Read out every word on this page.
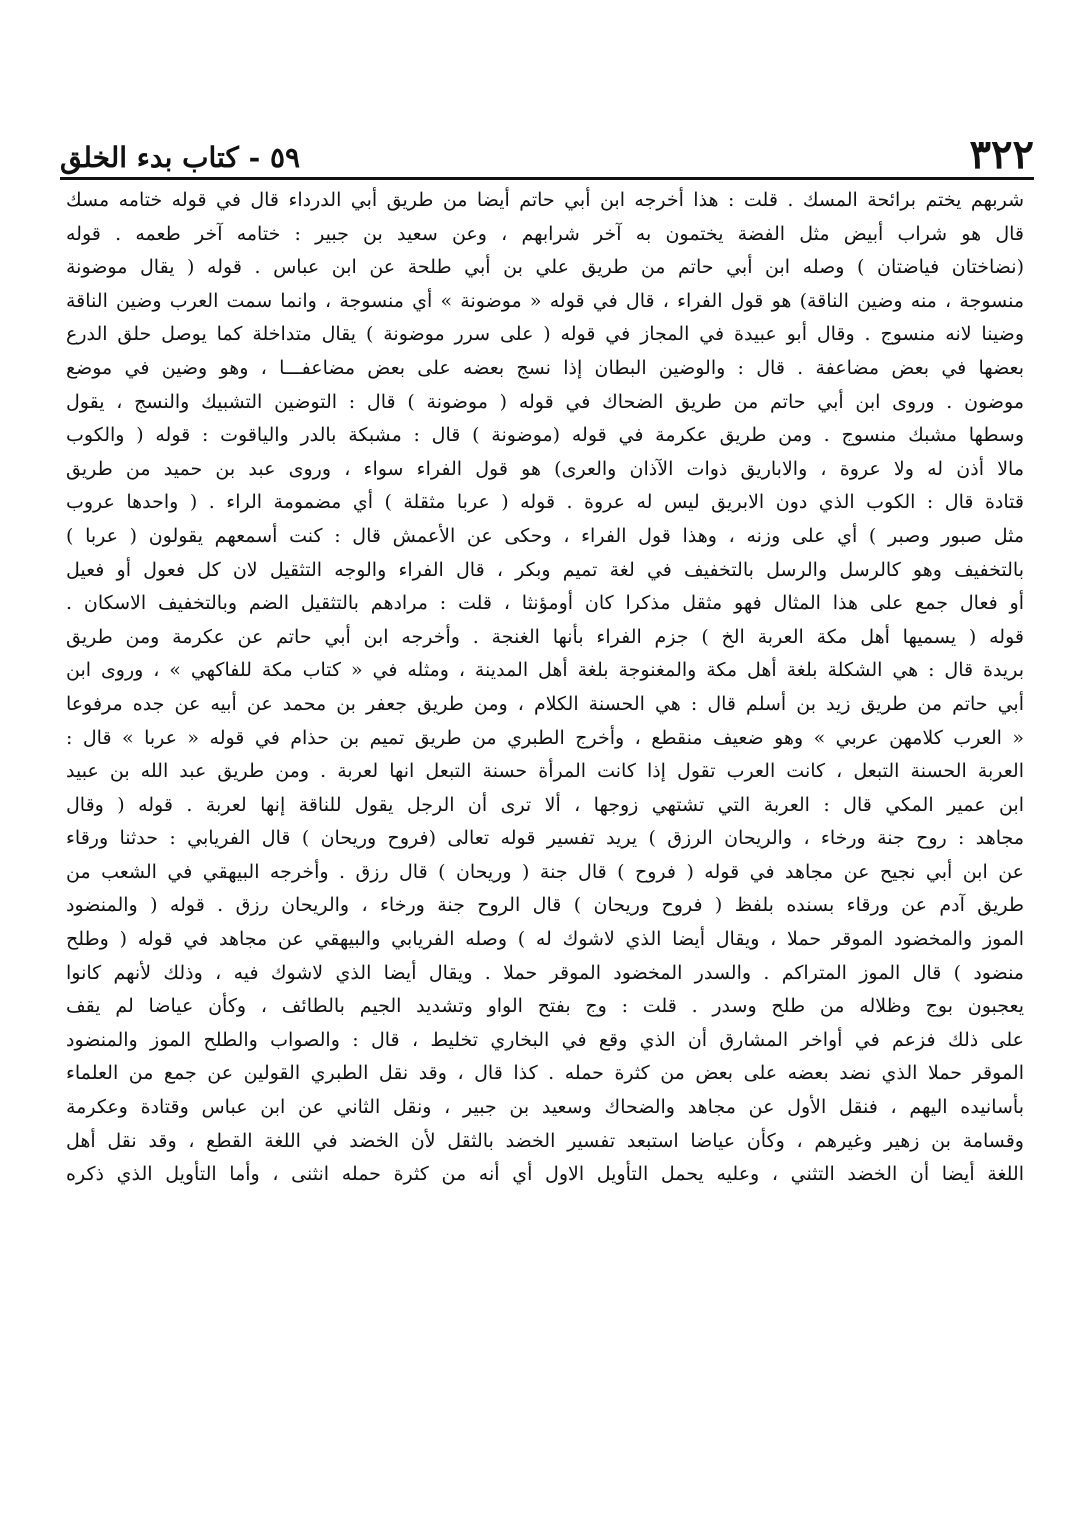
٥٩ - كتاب بدء الخلق	٣٢٢
شربهم يختم برائحة المسك . قلت : هذا أخرجه ابن أبي حاتم أيضا من طريق أبي الدرداء قال في قوله ختامه مسك
قال هو شراب أبيض مثل الفضة يختمون به آخر شرابهم ، وعن سعيد بن جبير : ختامه آخر طعمه . قوله
(نضاختان فياضتان ) وصله ابن أبي حاتم من طريق علي بن أبي طلحة عن ابن عباس . قوله ( يقال موضونة
منسوجة ، منه وضين الناقة) هو قول الفراء ، قال في قوله « موضونة » أي منسوجة ، وانما سمت العرب وضين الناقة
وضينا لانه منسوج . وقال أبو عبيدة في المجاز في قوله ( على سرر موضونة ) يقال متداخلة كما يوصل حلق الدرع
بعضها في بعض مضاعفة . قال : والوضين البطان إذا نسج بعضه على بعض مضاعفـــا ، وهو وضين في موضع
موضون . وروى ابن أبي حاتم من طريق الضحاك في قوله ( موضونة ) قال : التوضين التشبيك والنسج ، يقول
وسطها مشبك منسوج . ومن طريق عكرمة في قوله (موضونة ) قال : مشبكة بالدر والياقوت : قوله ( والكوب
مالا أذن له ولا عروة ، والاباريق ذوات الآذان والعرى) هو قول الفراء سواء ، وروى عبد بن حميد من طريق
قتادة قال : الكوب الذي دون الابريق ليس له عروة . قوله ( عربا مثقلة ) أي مضمومة الراء . ( واحدها عروب
مثل صبور وصبر ) أي على وزنه ، وهذا قول الفراء ، وحكى عن الأعمش قال : كنت أسمعهم يقولون ( عربا )
بالتخفيف وهو كالرسل والرسل بالتخفيف في لغة تميم وبكر ، قال الفراء والوجه التثقيل لان كل فعول أو فعيل
أو فعال جمع على هذا المثال فهو مثقل مذكرا كان أومؤنثا ، قلت : مرادهم بالتثقيل الضم وبالتخفيف الاسكان .
قوله ( يسميها أهل مكة العربة الخ ) جزم الفراء بأنها الغنجة . وأخرجه ابن أبي حاتم عن عكرمة ومن طريق
بريدة قال : هي الشكلة بلغة أهل مكة والمغنوجة بلغة أهل المدينة ، ومثله في « كتاب مكة للفاكهي » ، وروى ابن
أبي حاتم من طريق زيد بن أسلم قال : هي الحسنة الكلام ، ومن طريق جعفر بن محمد عن أبيه عن جده مرفوعا
« العرب كلامهن عربي » وهو ضعيف منقطع ، وأخرج الطبري من طريق تميم بن حذام في قوله « عربا » قال :
العربة الحسنة التبعل ، كانت العرب تقول إذا كانت المرأة حسنة التبعل انها لعربة . ومن طريق عبد الله بن عبيد
ابن عمير المكي قال : العربة التي تشتهي زوجها ، ألا ترى أن الرجل يقول للناقة إنها لعربة . قوله ( وقال
مجاهد : روح جنة ورخاء ، والريحان الرزق ) يريد تفسير قوله تعالى (فروح وريحان ) قال الفريابي : حدثنا ورقاء
عن ابن أبي نجيح عن مجاهد في قوله ( فروح ) قال جنة ( وريحان ) قال رزق . وأخرجه البيهقي في الشعب من
طريق آدم عن ورقاء بسنده بلفظ ( فروح وريحان ) قال الروح جنة ورخاء ، والريحان رزق . قوله ( والمنضود
الموز والمخضود الموقر حملا ، ويقال أيضا الذي لاشوك له ) وصله الفريابي والبيهقي عن مجاهد في قوله ( وطلح
منضود ) قال الموز المتراكم . والسدر المخضود الموقر حملا . ويقال أيضا الذي لاشوك فيه ، وذلك لأنهم كانوا
يعجبون بوج وظلاله من طلح وسدر . قلت : وج بفتح الواو وتشديد الجيم بالطائف ، وكأن عياضا لم يقف
على ذلك فزعم في أواخر المشارق أن الذي وقع في البخاري تخليط ، قال : والصواب والطلح الموز والمنضود
الموقر حملا الذي نضد بعضه على بعض من كثرة حمله . كذا قال ، وقد نقل الطبري القولين عن جمع من العلماء
بأسانيده اليهم ، فنقل الأول عن مجاهد والضحاك وسعيد بن جبير ، ونقل الثاني عن ابن عباس وقتادة وعكرمة
وقسامة بن زهير وغيرهم ، وكأن عياضا استبعد تفسير الخضد بالثقل لأن الخضد في اللغة القطع ، وقد نقل أهل
اللغة أيضا أن الخضد التثني ، وعليه يحمل التأويل الاول أي أنه من كثرة حمله انثنى ، وأما التأويل الذي ذكره
